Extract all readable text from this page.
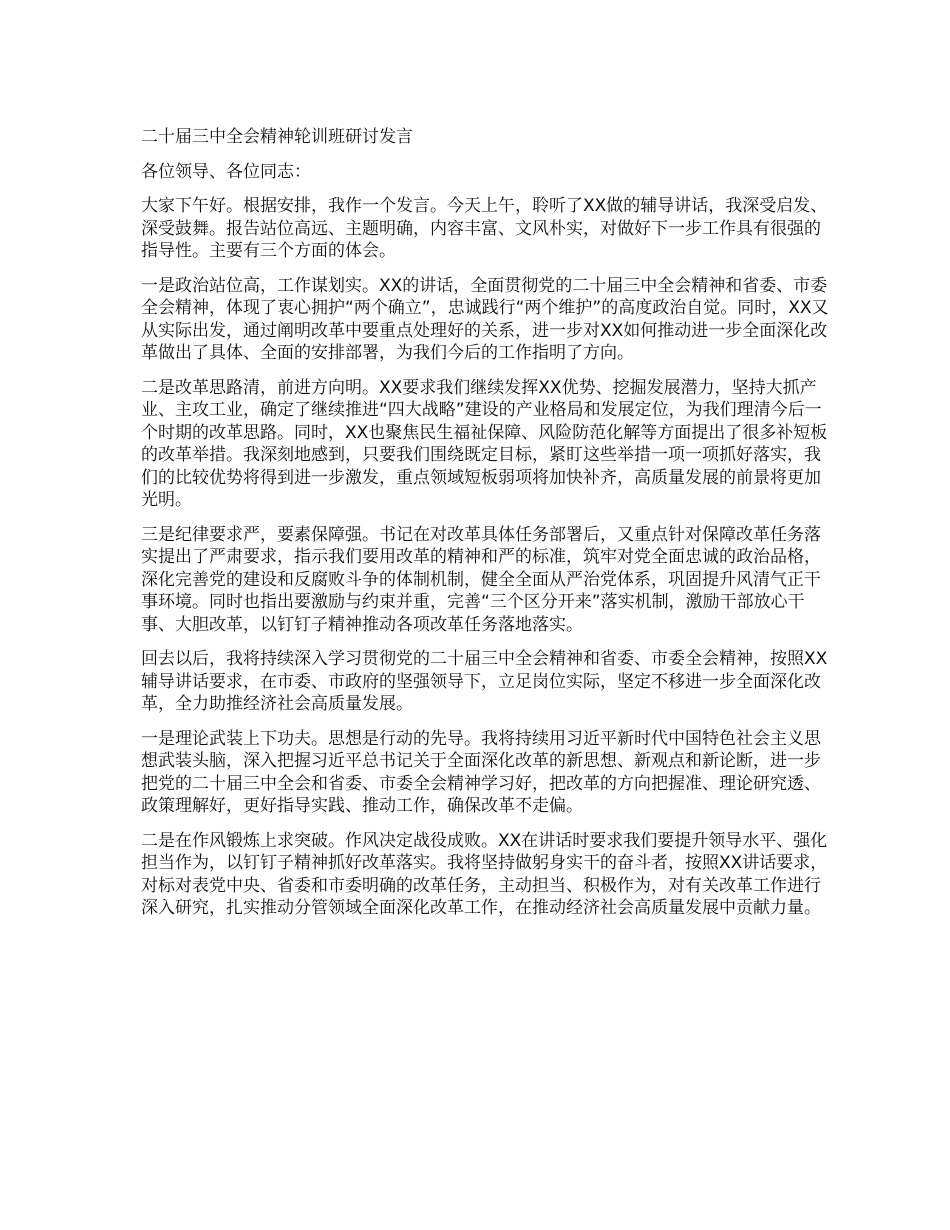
二十届三中全会精神轮训班研讨发言

各位领导、各位同志：

大家下午好。根据安排，我作一个发言。今天上午，聆听了XX做的辅导讲话，我深受启发、深受鼓舞。报告站位高远、主题明确，内容丰富、文风朴实，对做好下一步工作具有很强的指导性。主要有三个方面的体会。

一是政治站位高，工作谋划实。XX的讲话，全面贯彻党的二十届三中全会精神和省委、市委全会精神，体现了衷心拥护“两个确立”，忠诚践行“两个维护”的高度政治自觉。同时，XX又从实际出发，通过阐明改革中要重点处理好的关系，进一步对XX如何推动进一步全面深化改革做出了具体、全面的安排部署，为我们今后的工作指明了方向。

二是改革思路清，前进方向明。XX要求我们继续发挥XX优势、挖掘发展潜力，坚持大抓产业、主攻工业，确定了继续推进“四大战略”建设的产业格局和发展定位，为我们理清今后一个时期的改革思路。同时，XX也聚焦民生福祉保障、风险防范化解等方面提出了很多补短板的改革举措。我深刻地感到，只要我们围绕既定目标，紧盯这些举措一项一项抓好落实，我们的比较优势将得到进一步激发，重点领域短板弱项将加快补齐，高质量发展的前景将更加光明。

三是纪律要求严，要素保障强。书记在对改革具体任务部署后，又重点针对保障改革任务落实提出了严肃要求，指示我们要用改革的精神和严的标准，筑牢对党全面忠诚的政治品格，深化完善党的建设和反腐败斗争的体制机制，健全全面从严治党体系，巩固提升风清气正干事环境。同时也指出要激励与约束并重，完善“三个区分开来”落实机制，激励干部放心干事、大胆改革，以钉钉子精神推动各项改革任务落地落实。

回去以后，我将持续深入学习贯彻党的二十届三中全会精神和省委、市委全会精神，按照XX辅导讲话要求，在市委、市政府的坚强领导下，立足岗位实际，坚定不移进一步全面深化改革，全力助推经济社会高质量发展。

一是理论武装上下功夫。思想是行动的先导。我将持续用习近平新时代中国特色社会主义思想武装头脑，深入把握习近平总书记关于全面深化改革的新思想、新观点和新论断，进一步把党的二十届三中全会和省委、市委全会精神学习好，把改革的方向把握准、理论研究透、政策理解好，更好指导实践、推动工作，确保改革不走偏。

二是在作风锻炼上求突破。作风决定战役成败。XX在讲话时要求我们要提升领导水平、强化担当作为，以钉钉子精神抓好改革落实。我将坚持做躬身实干的奋斗者，按照XX讲话要求，对标对表党中央、省委和市委明确的改革任务，主动担当、积极作为，对有关改革工作进行深入研究，扎实推动分管领域全面深化改革工作，在推动经济社会高质量发展中贡献力量。
